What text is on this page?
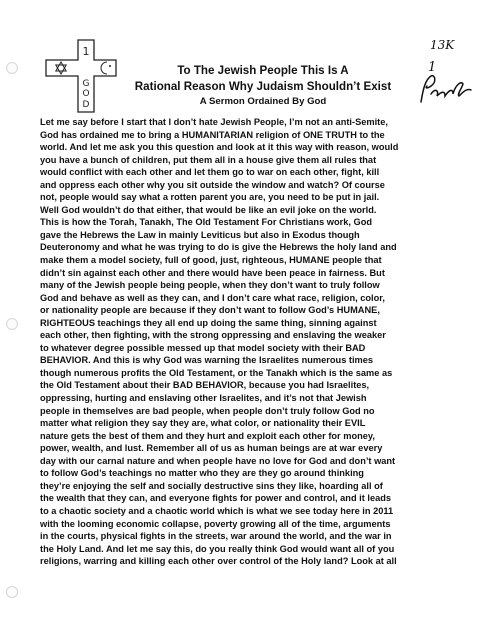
1
G
O
D
To The Jewish People This Is A
Rational Reason Why Judaism Shouldn’t Exist
A Sermon Ordained By God
13K
1
Let me say before I start that I don’t hate Jewish People, I’m not an anti-Semite,
God has ordained me to bring a HUMANITARIAN religion of ONE TRUTH to the
world. And let me ask you this question and look at it this way with reason, would
you have a bunch of children, put them all in a house give them all rules that
would conflict with each other and let them go to war on each other, fight, kill
and oppress each other why you sit outside the window and watch? Of course
not, people would say what a rotten parent you are, you need to be put in jail.
Well God wouldn’t do that either, that would be like an evil joke on the world.
This is how the Torah, Tanakh, The Old Testament For Christians work, God
gave the Hebrews the Law in mainly Leviticus but also in Exodus though
Deuteronomy and what he was trying to do is give the Hebrews the holy land and
make them a model society, full of good, just, righteous, HUMANE people that
didn’t sin against each other and there would have been peace in fairness. But
many of the Jewish people being people, when they don’t want to truly follow
God and behave as well as they can, and I don’t care what race, religion, color,
or nationality people are because if they don’t want to follow God’s HUMANE,
RIGHTEOUS teachings they all end up doing the same thing, sinning against
each other, then fighting, with the strong oppressing and enslaving the weaker
to whatever degree possible messed up that model society with their BAD
BEHAVIOR. And this is why God was warning the Israelites numerous times
though numerous profits the Old Testament, or the Tanakh which is the same as
the Old Testament about their BAD BEHAVIOR, because you had Israelites,
oppressing, hurting and enslaving other Israelites, and it’s not that Jewish
people in themselves are bad people, when people don’t truly follow God no
matter what religion they say they are, what color, or nationality their EVIL
nature gets the best of them and they hurt and exploit each other for money,
power, wealth, and lust. Remember all of us as human beings are at war every
day with our carnal nature and when people have no love for God and don’t want
to follow God’s teachings no matter who they are they go around thinking
they’re enjoying the self and socially destructive sins they like, hoarding all of
the wealth that they can, and everyone fights for power and control, and it leads
to a chaotic society and a chaotic world which is what we see today here in 2011
with the looming economic collapse, poverty growing all of the time, arguments
in the courts, physical fights in the streets, war around the world, and the war in
the Holy Land. And let me say this, do you really think God would want all of you
religions, warring and killing each other over control of the Holy land? Look at all
